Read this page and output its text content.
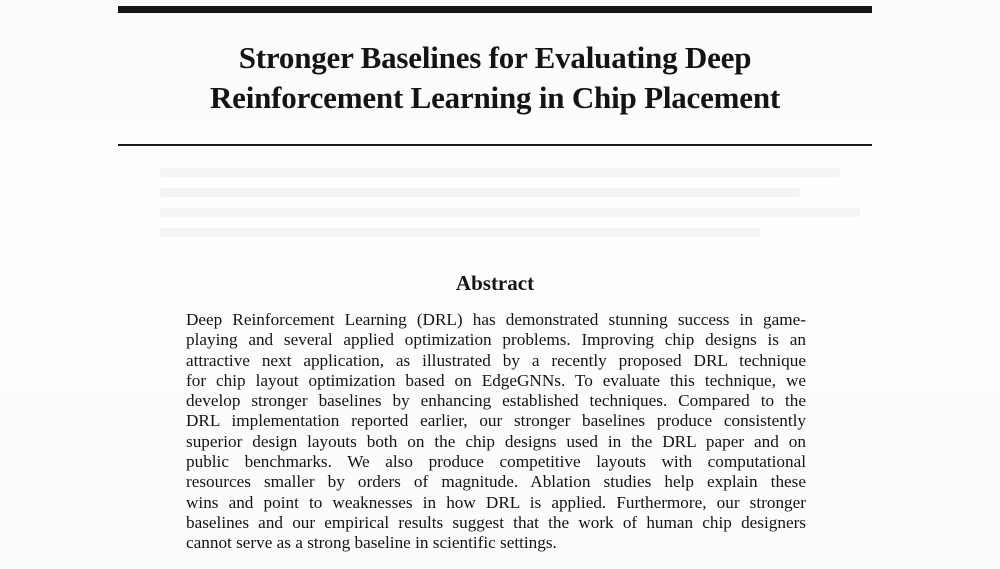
Stronger Baselines for Evaluating Deep
Reinforcement Learning in Chip Placement
Abstract

Deep Reinforcement Learning (DRL) has demonstrated stunning success in game-
playing and several applied optimization problems. Improving chip designs is an
attractive next application, as illustrated by a recently proposed DRL technique
for chip layout optimization based on EdgeGNNs. To evaluate this technique, we
develop stronger baselines by enhancing established techniques. Compared to the
DRL implementation reported earlier, our stronger baselines produce consistently
superior design layouts both on the chip designs used in the DRL paper and on
public benchmarks. We also produce competitive layouts with computational
resources smaller by orders of magnitude. Ablation studies help explain these
wins and point to weaknesses in how DRL is applied. Furthermore, our stronger
baselines and our empirical results suggest that the work of human chip designers
cannot serve as a strong baseline in scientific settings.
